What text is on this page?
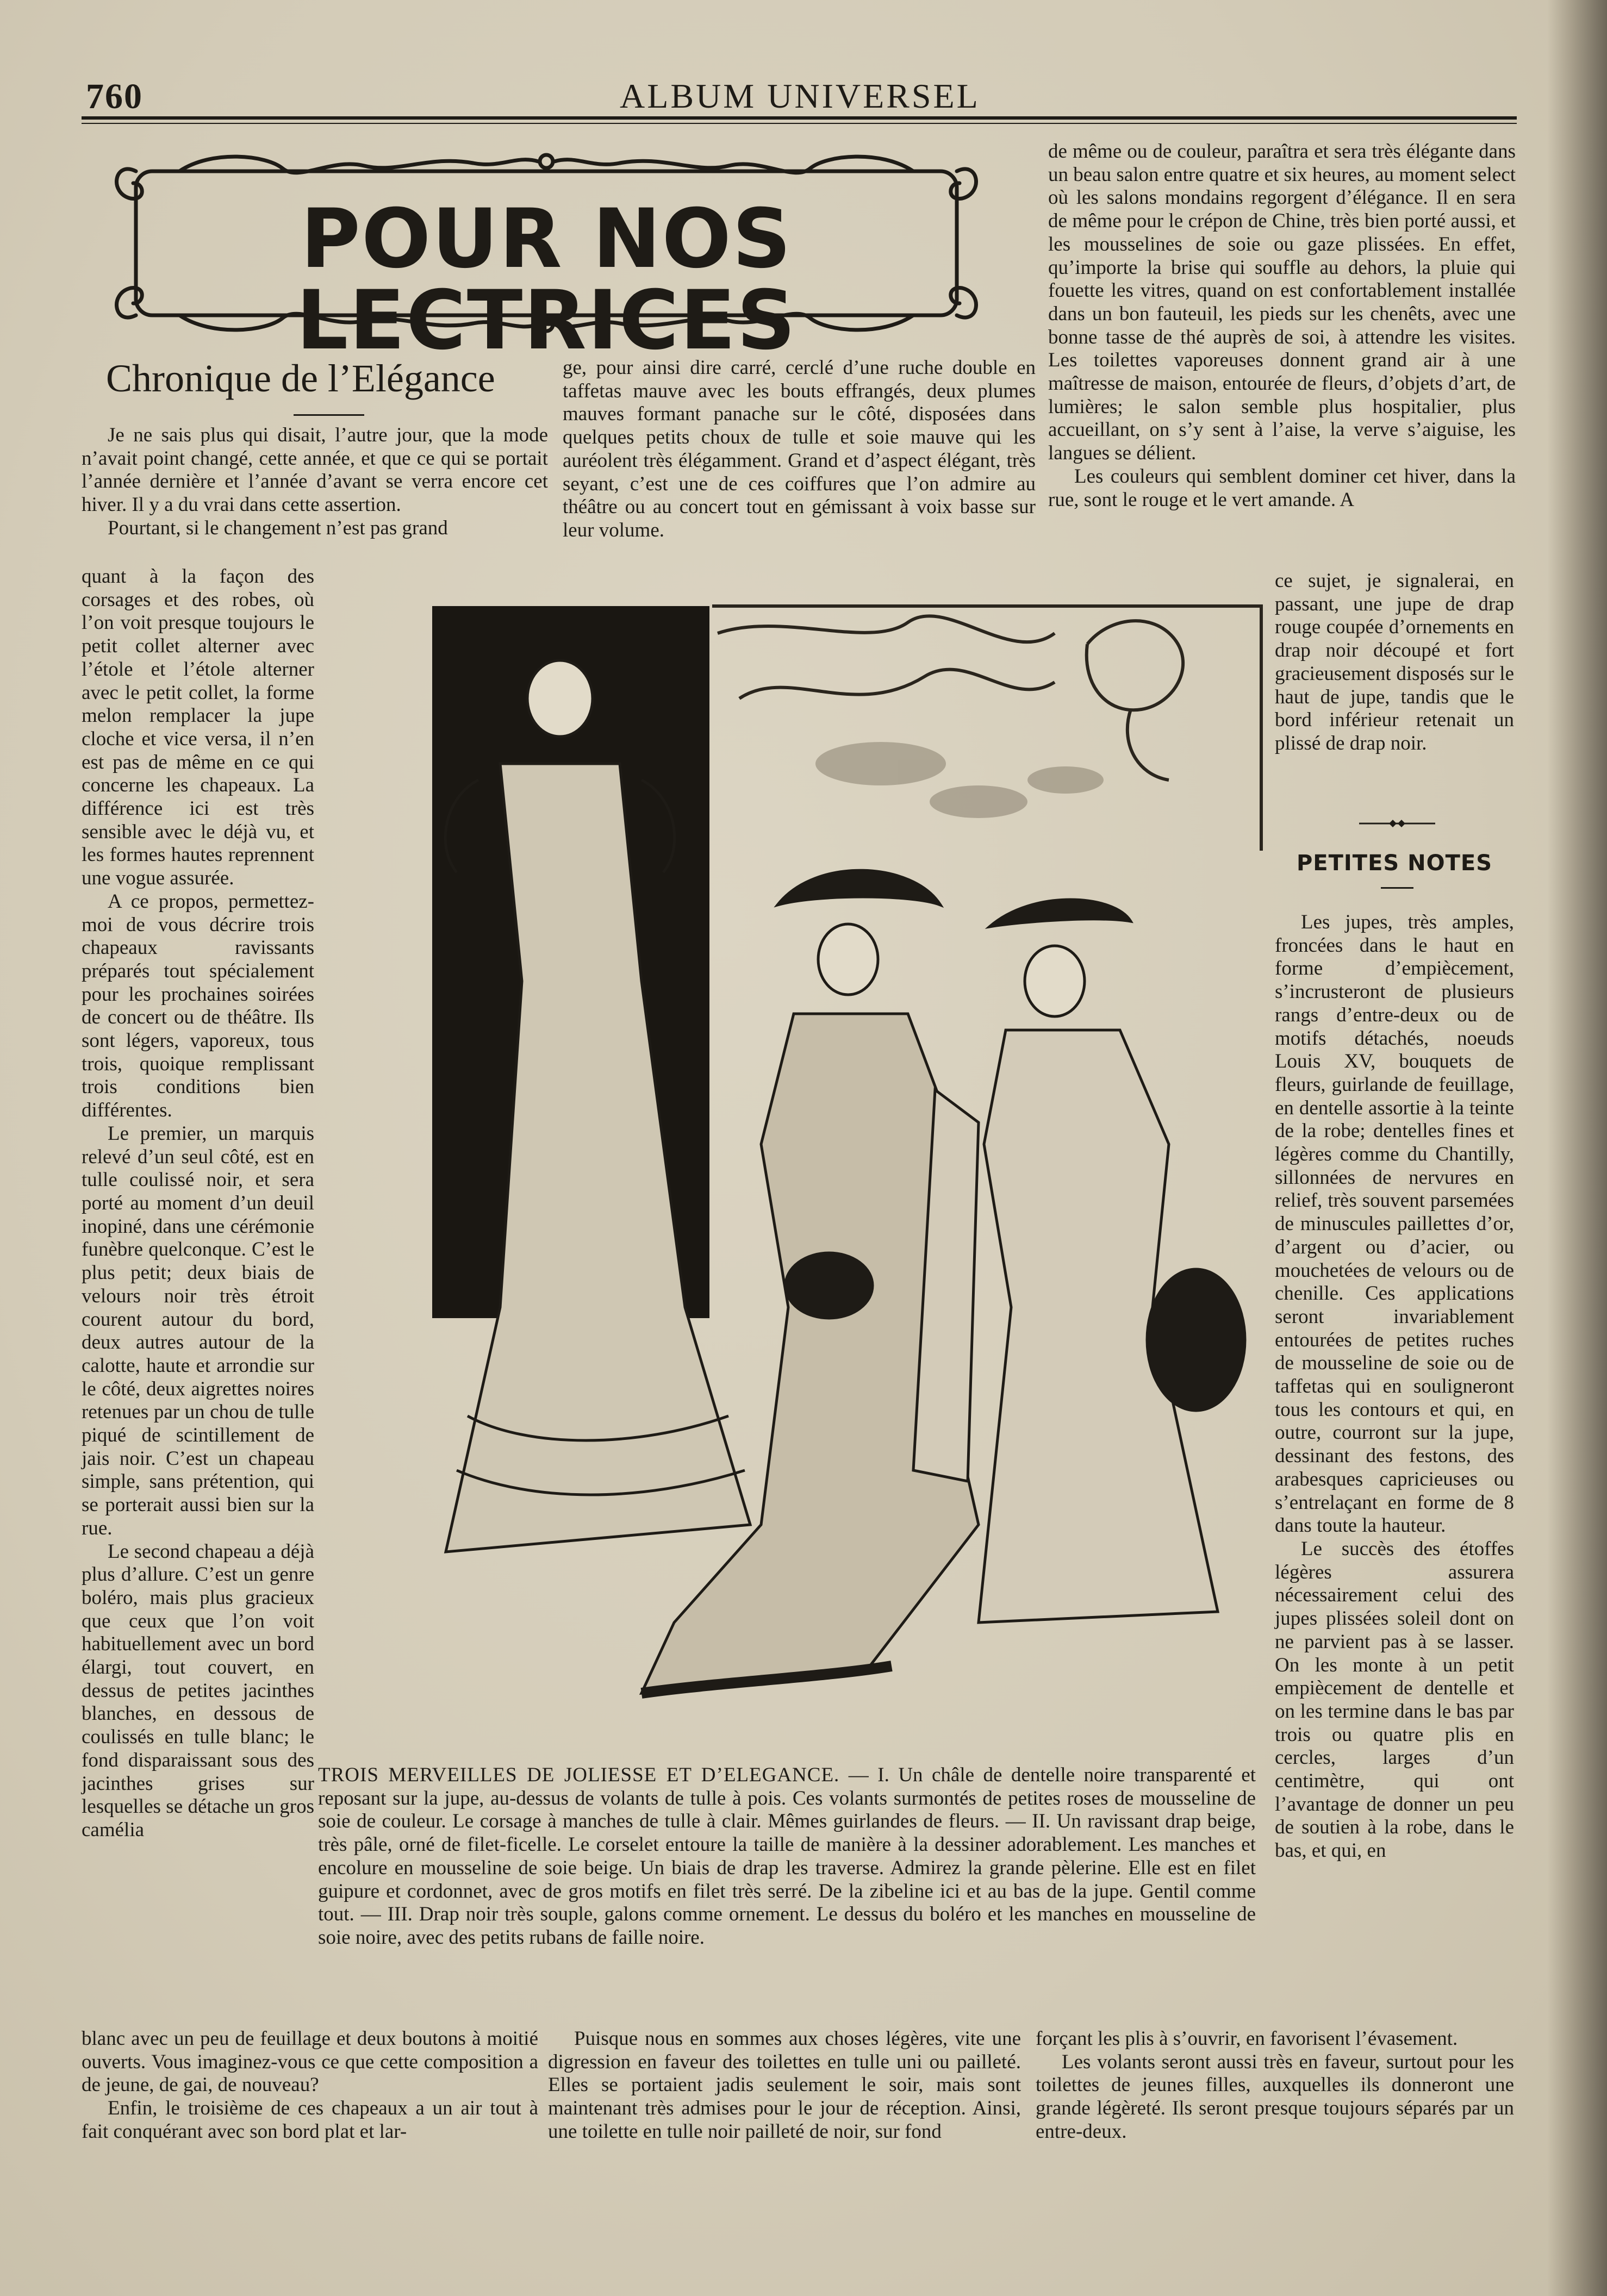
760	ALBUM UNIVERSEL
POUR NOS LECTRICES
Chronique de l’Elégance

Je ne sais plus qui disait, l’autre jour, que la mode n’avait point changé, cette année, et que ce qui se portait l’année dernière et l’année d’avant se verra encore cet hiver. Il y a du vrai dans cette assertion.

Pourtant, si le changement n’est pas grand

quant à la façon des corsages et des robes, où l’on voit presque toujours le petit collet alterner avec l’étole et l’étole alterner avec le petit collet, la forme melon remplacer la jupe cloche et vice versa, il n’en est pas de même en ce qui concerne les chapeaux. La différence ici est très sensible avec le déjà vu, et les formes hautes reprennent une vogue assurée.

A ce propos, permettez-moi de vous décrire trois chapeaux ravissants préparés tout spécialement pour les prochaines soirées de concert ou de théâtre. Ils sont légers, vaporeux, tous trois, quoique remplissant trois conditions bien différentes.

Le premier, un marquis relevé d’un seul côté, est en tulle coulissé noir, et sera porté au moment d’un deuil inopiné, dans une cérémonie funèbre quelconque. C’est le plus petit; deux biais de velours noir très étroit courent autour du bord, deux autres autour de la calotte, haute et arrondie sur le côté, deux aigrettes noires retenues par un chou de tulle piqué de scintillement de jais noir. C’est un chapeau simple, sans prétention, qui se porterait aussi bien sur la rue.

Le second chapeau a déjà plus d’allure. C’est un genre boléro, mais plus gracieux que ceux que l’on voit habituellement avec un bord élargi, tout couvert, en dessus de petites jacinthes blanches, en dessous de coulissés en tulle blanc; le fond disparaissant sous des jacinthes grises sur lesquelles se détache un gros camélia

blanc avec un peu de feuillage et deux boutons à moitié ouverts. Vous imaginez-vous ce que cette composition a de jeune, de gai, de nouveau?

Enfin, le troisième de ces chapeaux a un air tout à fait conquérant avec son bord plat et lar-

ge, pour ainsi dire carré, cerclé d’une ruche double en taffetas mauve avec les bouts effrangés, deux plumes mauves formant panache sur le côté, disposées dans quelques petits choux de tulle et soie mauve qui les auréolent très élégamment. Grand et d’aspect élégant, très seyant, c’est une de ces coiffures que l’on admire au théâtre ou au concert tout en gémissant à voix basse sur leur volume.

Puisque nous en sommes aux choses légères, vite une digression en faveur des toilettes en tulle uni ou pailleté. Elles se portaient jadis seulement le soir, mais sont maintenant très admises pour le jour de réception. Ainsi, une toilette en tulle noir pailleté de noir, sur fond

de même ou de couleur, paraîtra et sera très élégante dans un beau salon entre quatre et six heures, au moment select où les salons mondains regorgent d’élégance. Il en sera de même pour le crépon de Chine, très bien porté aussi, et les mousselines de soie ou gaze plissées. En effet, qu’importe la brise qui souffle au dehors, la pluie qui fouette les vitres, quand on est confortablement installée dans un bon fauteuil, les pieds sur les chenêts, avec une bonne tasse de thé auprès de soi, à attendre les visites. Les toilettes vaporeuses donnent grand air à une maîtresse de maison, entourée de fleurs, d’objets d’art, de lumières; le salon semble plus hospitalier, plus accueillant, on s’y sent à l’aise, la verve s’aiguise, les langues se délient.

Les couleurs qui semblent dominer cet hiver, dans la rue, sont le rouge et le vert amande. A

ce sujet, je signalerai, en passant, une jupe de drap rouge coupée d’ornements en drap noir découpé et fort gracieusement disposés sur le haut de jupe, tandis que le bord inférieur retenait un plissé de drap noir.

PETITES NOTES

Les jupes, très amples, froncées dans le haut en forme d’empiècement, s’incrusteront de plusieurs rangs d’entre-deux ou de motifs détachés, noeuds Louis XV, bouquets de fleurs, guirlande de feuillage, en dentelle assortie à la teinte de la robe; dentelles fines et légères comme du Chantilly, sillonnées de nervures en relief, très souvent parsemées de minuscules paillettes d’or, d’argent ou d’acier, ou mouchetées de velours ou de chenille. Ces applications seront invariablement entourées de petites ruches de mousseline de soie ou de taffetas qui en souligneront tous les contours et qui, en outre, courront sur la jupe, dessinant des festons, des arabesques capricieuses ou s’entrelaçant en forme de 8 dans toute la hauteur.

Le succès des étoffes légères assurera nécessairement celui des jupes plissées soleil dont on ne parvient pas à se lasser. On les monte à un petit empiècement de dentelle et on les termine dans le bas par trois ou quatre plis en cercles, larges d’un centimètre, qui ont l’avantage de donner un peu de soutien à la robe, dans le bas, et qui, en

forçant les plis à s’ouvrir, en favorisent l’évasement.

Les volants seront aussi très en faveur, surtout pour les toilettes de jeunes filles, auxquelles ils donneront une grande légèreté. Ils seront presque toujours séparés par un entre-deux.

TROIS MERVEILLES DE JOLIESSE ET D’ELEGANCE. — I. Un châle de dentelle noire transparenté et reposant sur la jupe, au-dessus de volants de tulle à pois. Ces volants surmontés de petites roses de mousseline de soie de couleur. Le corsage à manches de tulle à clair. Mêmes guirlandes de fleurs. — II. Un ravissant drap beige, très pâle, orné de filet-ficelle. Le corselet entoure la taille de manière à la dessiner adorablement. Les manches et encolure en mousseline de soie beige. Un biais de drap les traverse. Admirez la grande pèlerine. Elle est en filet guipure et cordonnet, avec de gros motifs en filet très serré. De la zibeline ici et au bas de la jupe. Gentil comme tout. — III. Drap noir très souple, galons comme ornement. Le dessus du boléro et les manches en mousseline de soie noire, avec des petits rubans de faille noire.
